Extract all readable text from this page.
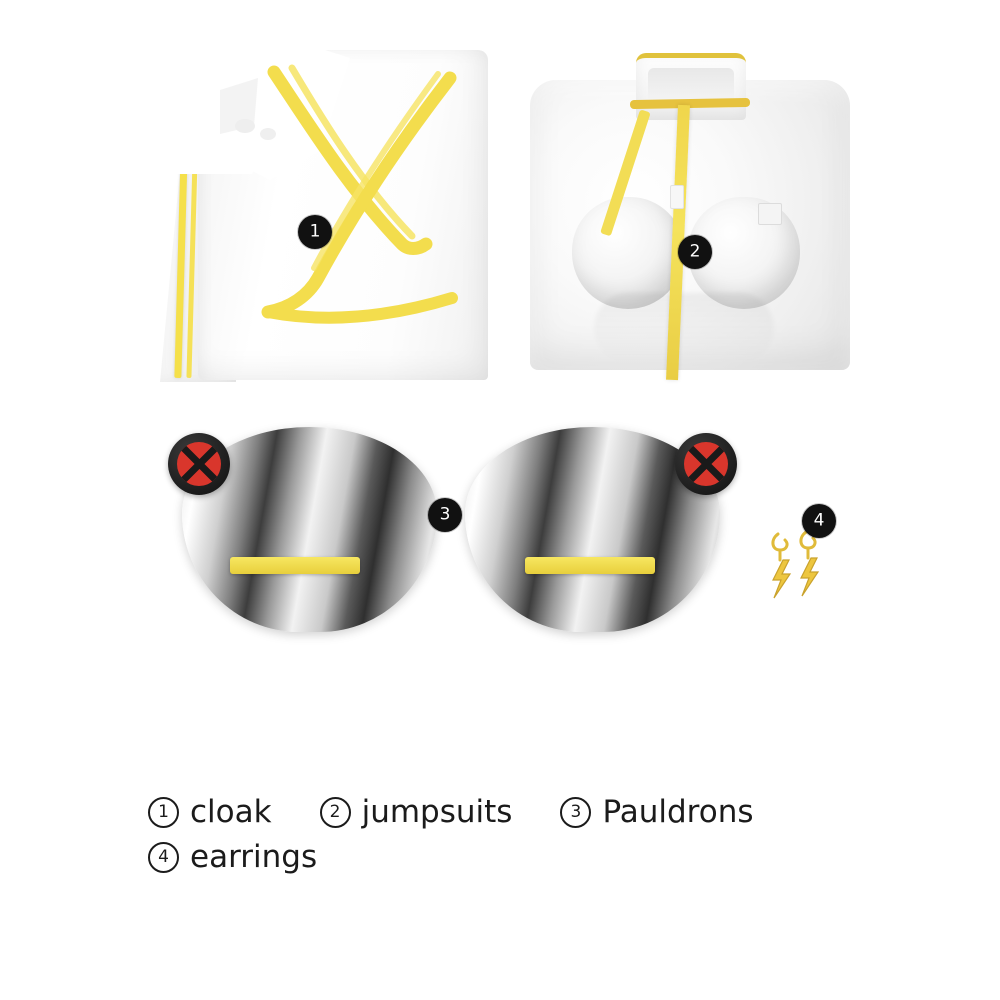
1
2
3	4
1 cloak	2 jumpsuits	3 Pauldrons
4 earrings
